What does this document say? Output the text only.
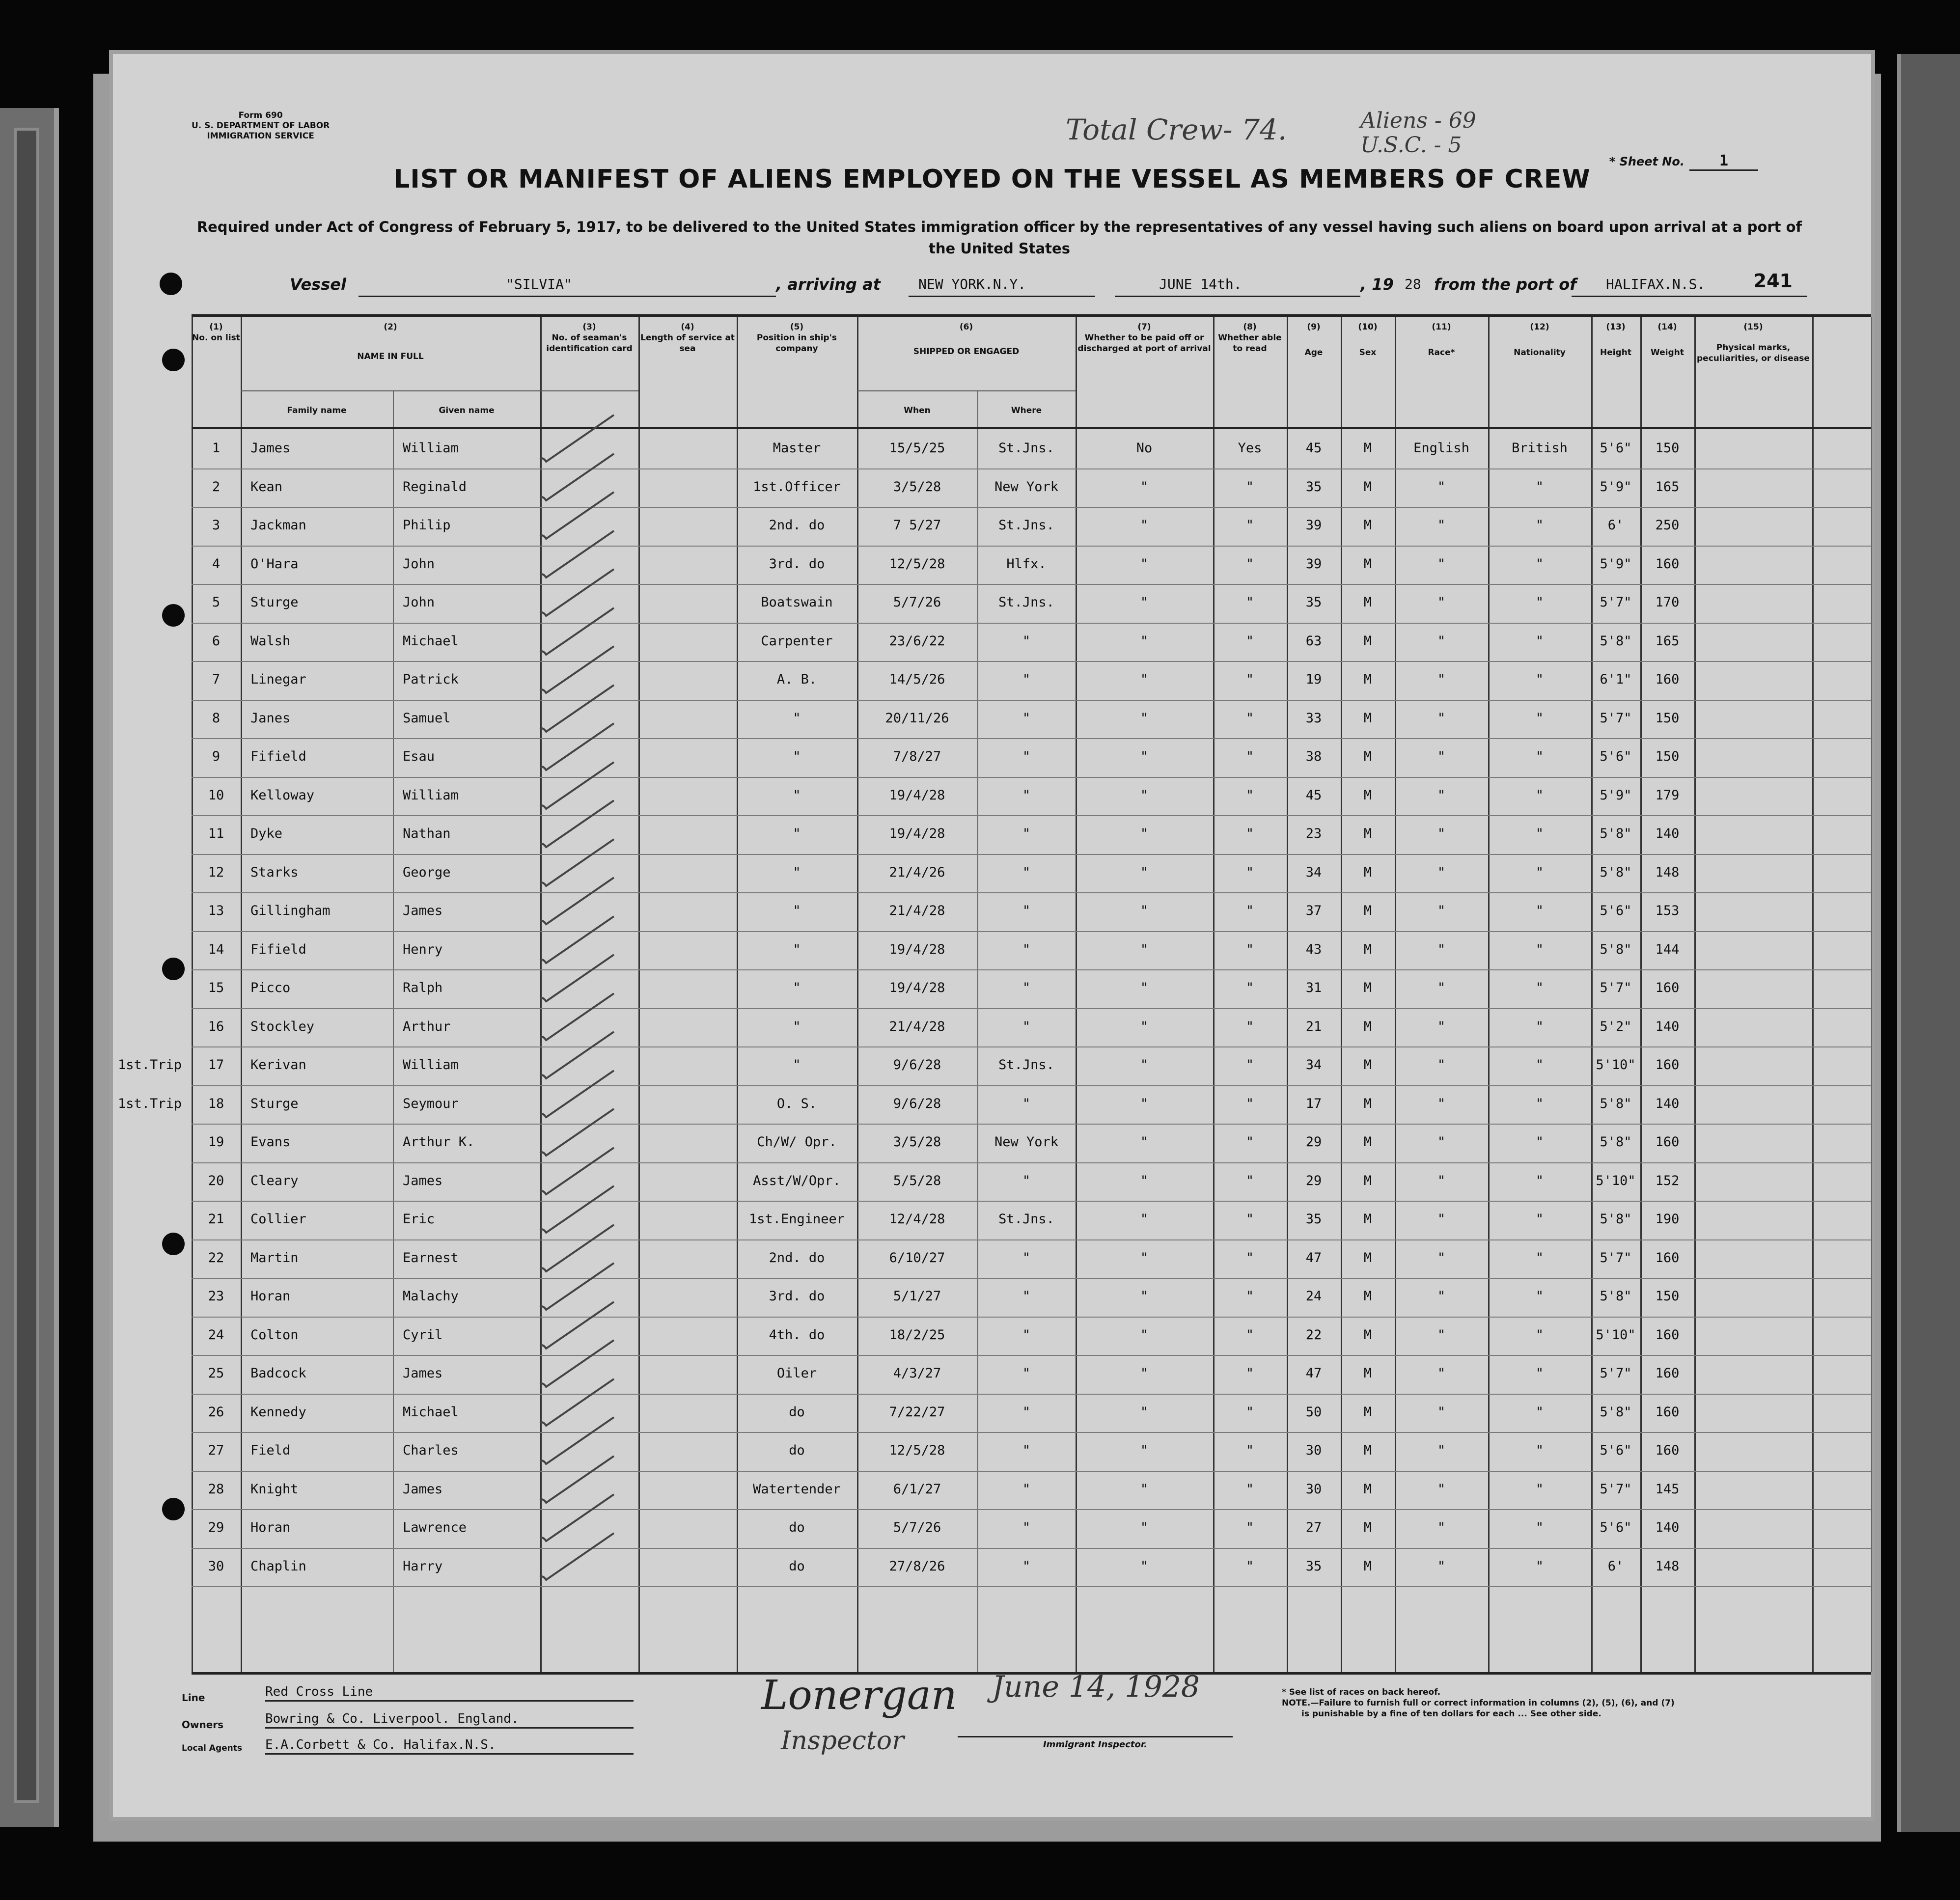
Form 690
U. S. DEPARTMENT OF LABOR
IMMIGRATION SERVICE	Total Crew- 74.	Aliens - 69
U.S.C. - 5
* Sheet No. 1
LIST OR MANIFEST OF ALIENS EMPLOYED ON THE VESSEL AS MEMBERS OF CREW
Required under Act of Congress of February 5, 1917, to be delivered to the United States immigration officer by the representatives of any vessel having such aliens on board upon arrival at a port of the United States
Vessel	"SILVIA"	, arriving at	NEW YORK.N.Y.	JUNE 14th.	, 19 28 from the port of HALIFAX.N.S.	241
(1)
No. on list
(2)
NAME IN FULL
Family name	Given name
(3)
No. of seaman's identification card
(4)
Length of service at sea
(5)
Position in ship's company
(6)
SHIPPED OR ENGAGED
When	Where
(7)
Whether to be paid off or discharged at port of arrival
(8)
Whether able to read
(9)
Age
(10)
Sex
(11)
Race*
(12)
Nationality
(13)
Height
(14)
Weight
(15)
Physical marks, peculiarities, or disease
1	James	William	Master	15/5/25	St.Jns.	No	Yes	45	M	English	British	5'6"	150
2	Kean	Reginald	1st.Officer	3/5/28	New York	"	"	35	M	"	"	5'9"	165
3	Jackman	Philip	2nd. do	7 5/27	St.Jns.	"	"	39	M	"	"	6'	250
4	O'Hara	John	3rd. do	12/5/28	Hlfx.	"	"	39	M	"	"	5'9"	160
5	Sturge	John	Boatswain	5/7/26	St.Jns.	"	"	35	M	"	"	5'7"	170
6	Walsh	Michael	Carpenter	23/6/22	"	"	"	63	M	"	"	5'8"	165
7	Linegar	Patrick	A. B.	14/5/26	"	"	"	19	M	"	"	6'1"	160
8	Janes	Samuel	"	20/11/26	"	"	"	33	M	"	"	5'7"	150
9	Fifield	Esau	"	7/8/27	"	"	"	38	M	"	"	5'6"	150
10	Kelloway	William	"	19/4/28	"	"	"	45	M	"	"	5'9"	179
11	Dyke	Nathan	"	19/4/28	"	"	"	23	M	"	"	5'8"	140
12	Starks	George	"	21/4/26	"	"	"	34	M	"	"	5'8"	148
13	Gillingham	James	"	21/4/28	"	"	"	37	M	"	"	5'6"	153
14	Fifield	Henry	"	19/4/28	"	"	"	43	M	"	"	5'8"	144
15	Picco	Ralph	"	19/4/28	"	"	"	31	M	"	"	5'7"	160
16	Stockley	Arthur	"	21/4/28	"	"	"	21	M	"	"	5'2"	140
17	Kerivan	William	"	9/6/28	St.Jns.	"	"	34	M	"	"	5'10"	160
1st.Trip
18	Sturge	Seymour	O. S.	9/6/28	"	"	"	17	M	"	"	5'8"	140
1st.Trip
19	Evans	Arthur K.	Ch/W/ Opr.	3/5/28	New York	"	"	29	M	"	"	5'8"	160
20	Cleary	James	Asst/W/Opr.	5/5/28	"	"	"	29	M	"	"	5'10"	152
21	Collier	Eric	1st.Engineer	12/4/28	St.Jns.	"	"	35	M	"	"	5'8"	190
22	Martin	Earnest	2nd. do	6/10/27	"	"	"	47	M	"	"	5'7"	160
23	Horan	Malachy	3rd. do	5/1/27	"	"	"	24	M	"	"	5'8"	150
24	Colton	Cyril	4th. do	18/2/25	"	"	"	22	M	"	"	5'10"	160
25	Badcock	James	Oiler	4/3/27	"	"	"	47	M	"	"	5'7"	160
26	Kennedy	Michael	do	7/22/27	"	"	"	50	M	"	"	5'8"	160
27	Field	Charles	do	12/5/28	"	"	"	30	M	"	"	5'6"	160
28	Knight	James	Watertender	6/1/27	"	"	"	30	M	"	"	5'7"	145
29	Horan	Lawrence	do	5/7/26	"	"	"	27	M	"	"	5'6"	140
30	Chaplin	Harry	do	27/8/26	"	"	"	35	M	"	"	6'	148
Line	Red Cross Line
Owners	Bowring & Co. Liverpool. England.
Local Agents E.A.Corbett & Co. Halifax.N.S.
Lonergan June 14, 1928
Inspector	Immigrant Inspector.
* See list of races on back hereof.
NOTE.—Failure to furnish full or correct information in columns (2), (5), (6), and (7)
is punishable by a fine of ten dollars for each ... See other side.
